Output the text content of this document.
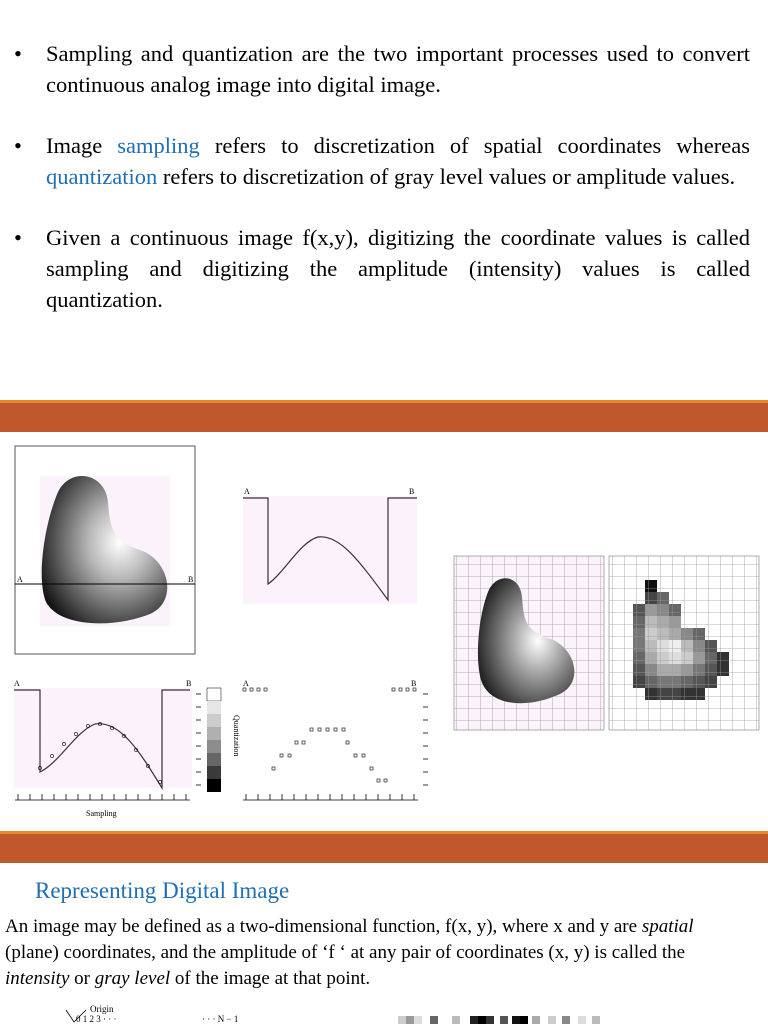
• Sampling and quantization are the two important processes used to convert continuous analog image into digital image.
• Image sampling refers to discretization of spatial coordinates whereas quantization refers to discretization of gray level values or amplitude values.
• Given a continuous image f(x,y), digitizing the coordinate values is called sampling and digitizing the amplitude (intensity) values is called quantization.
A	B
A	B
A	B
Sampling
Quantization
A	B
Representing Digital Image
An image may be defined as a two-dimensional function, f(x, y), where x and y are spatial (plane) coordinates, and the amplitude of ‘f ‘ at any pair of coordinates (x, y) is called the intensity or gray level of the image at that point.
Origin
0 1 2 3 · · ·	· · · N − 1
